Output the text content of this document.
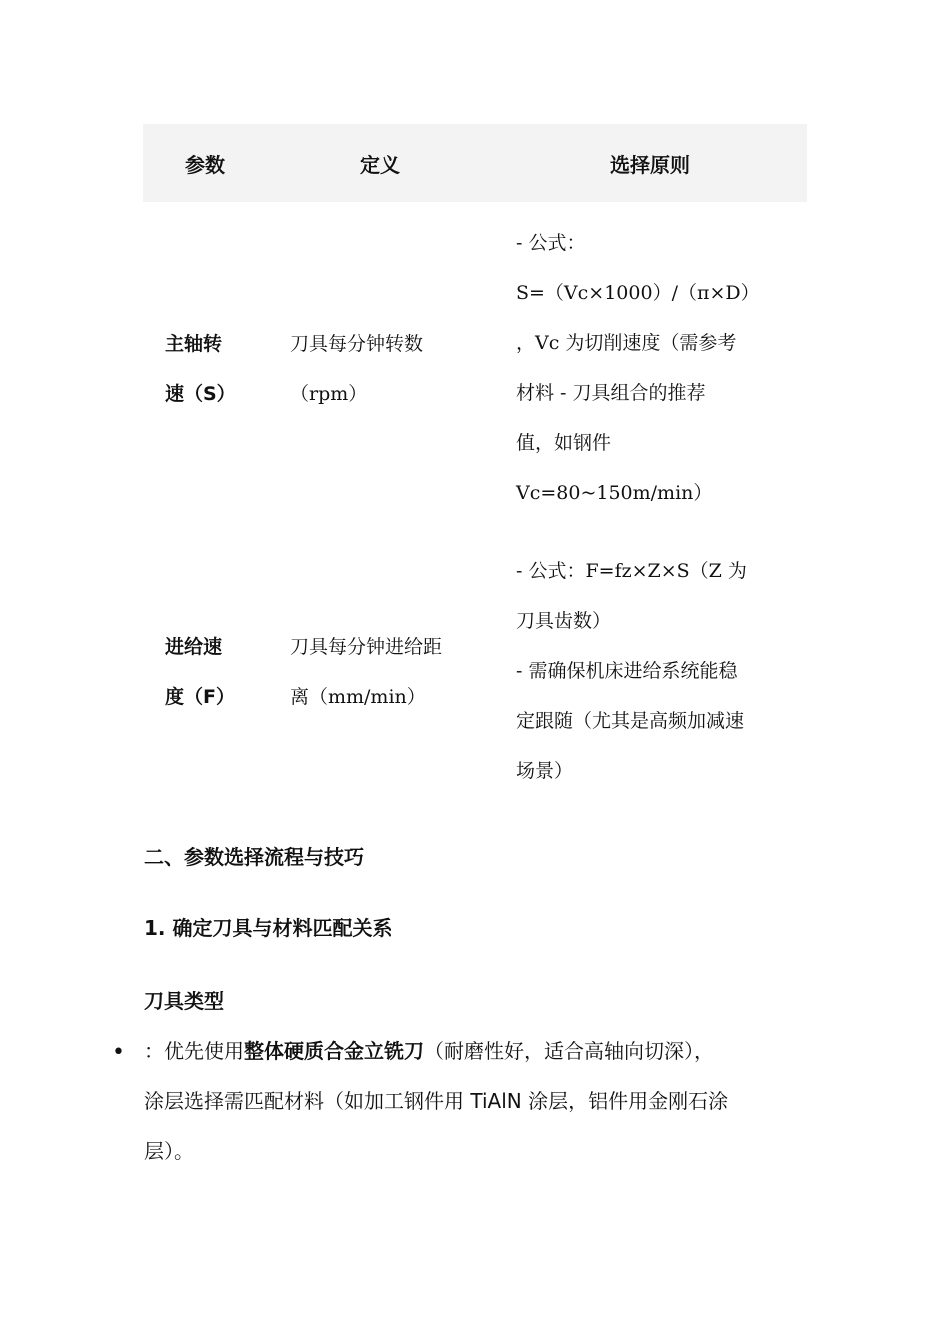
参数	定义	选择原则
主轴转
速（S）
刀具每分钟转数
（rpm）
- 公式：
S=（Vc×1000）/（π×D）
，Vc 为切削速度（需参考
材料 - 刀具组合的推荐
值，如钢件
Vc=80~150m/min）
进给速
度（F）
刀具每分钟进给距
离（mm/min）
- 公式：F=fz×Z×S（Z 为
刀具齿数）
- 需确保机床进给系统能稳
定跟随（尤其是高频加减速
场景）
二、参数选择流程与技巧
1. 确定刀具与材料匹配关系
刀具类型
• ：优先使用整体硬质合金立铣刀（耐磨性好，适合高轴向切深），
涂层选择需匹配材料（如加工钢件用 TiAlN 涂层，铝件用金刚石涂
层）。
